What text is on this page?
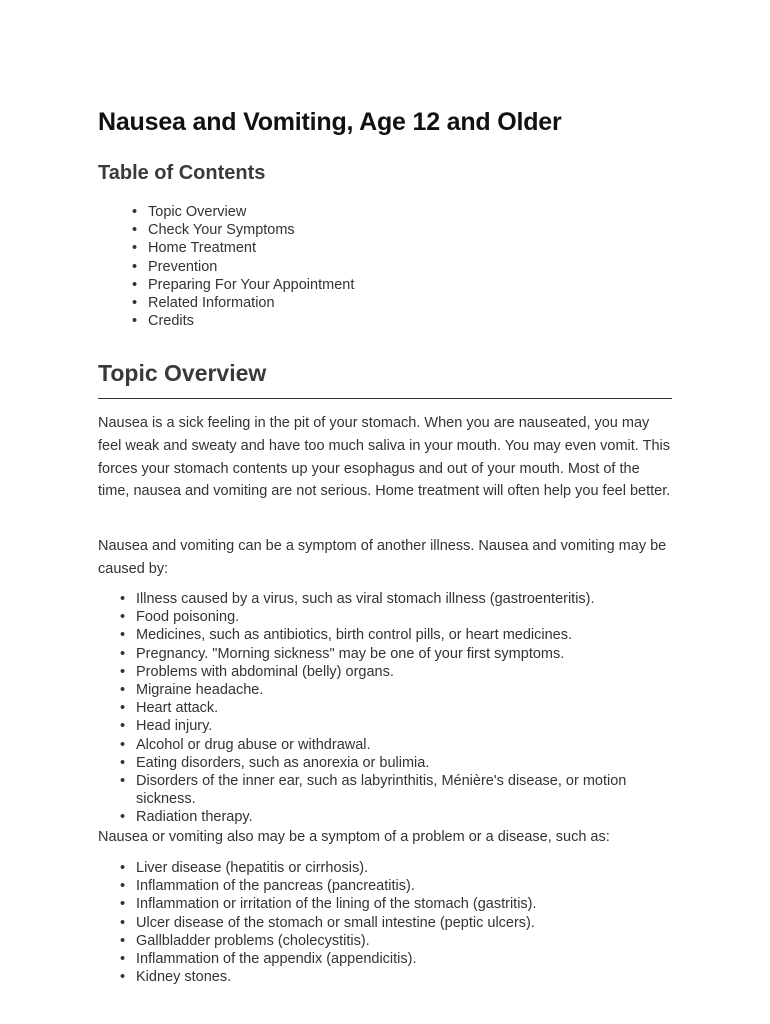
Nausea and Vomiting, Age 12 and Older
Table of Contents
• Topic Overview
• Check Your Symptoms
• Home Treatment
• Prevention
• Preparing For Your Appointment
• Related Information
• Credits
Topic Overview

Nausea is a sick feeling in the pit of your stomach. When you are nauseated, you may feel weak and sweaty and have too much saliva in your mouth. You may even vomit. This forces your stomach contents up your esophagus and out of your mouth. Most of the time, nausea and vomiting are not serious. Home treatment will often help you feel better.

Nausea and vomiting can be a symptom of another illness. Nausea and vomiting may be caused by:

• Illness caused by a virus, such as viral stomach illness (gastroenteritis).
• Food poisoning.
• Medicines, such as antibiotics, birth control pills, or heart medicines.
• Pregnancy. "Morning sickness" may be one of your first symptoms.
• Problems with abdominal (belly) organs.
• Migraine headache.
• Heart attack.
• Head injury.
• Alcohol or drug abuse or withdrawal.
• Eating disorders, such as anorexia or bulimia.
• Disorders of the inner ear, such as labyrinthitis, Ménière's disease, or motion sickness.
• Radiation therapy.

Nausea or vomiting also may be a symptom of a problem or a disease, such as:

• Liver disease (hepatitis or cirrhosis).
• Inflammation of the pancreas (pancreatitis).
• Inflammation or irritation of the lining of the stomach (gastritis).
• Ulcer disease of the stomach or small intestine (peptic ulcers).
• Gallbladder problems (cholecystitis).
• Inflammation of the appendix (appendicitis).
• Kidney stones.
